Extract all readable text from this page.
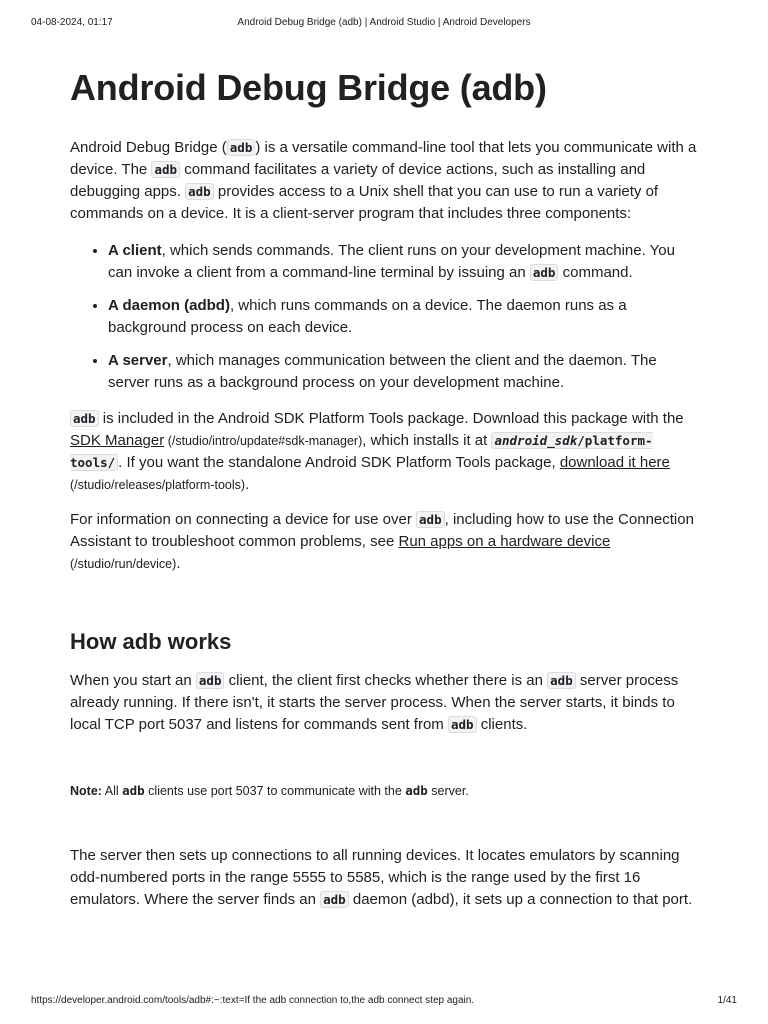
04-08-2024, 01:17	Android Debug Bridge (adb) | Android Studio | Android Developers
Android Debug Bridge (adb)

Android Debug Bridge ( adb ) is a versatile command-line tool that lets you communicate with a device. The adb command facilitates a variety of device actions, such as installing and debugging apps. adb provides access to a Unix shell that you can use to run a variety of commands on a device. It is a client-server program that includes three components:

• A client, which sends commands. The client runs on your development machine. You can invoke a client from a command-line terminal by issuing an adb command.
• A daemon (adbd), which runs commands on a device. The daemon runs as a background process on each device.
• A server, which manages communication between the client and the daemon. The server runs as a background process on your development machine.

adb is included in the Android SDK Platform Tools package. Download this package with the SDK Manager (/studio/intro/update#sdk-manager), which installs it at android_sdk/platform-tools/ . If you want the standalone Android SDK Platform Tools package, download it here (/studio/releases/platform-tools).

For information on connecting a device for use over adb , including how to use the Connection Assistant to troubleshoot common problems, see Run apps on a hardware device (/studio/run/device).

How adb works

When you start an adb client, the client first checks whether there is an adb server process already running. If there isn't, it starts the server process. When the server starts, it binds to local TCP port 5037 and listens for commands sent from adb clients.

Note: All adb clients use port 5037 to communicate with the adb server.

The server then sets up connections to all running devices. It locates emulators by scanning odd-numbered ports in the range 5555 to 5585, which is the range used by the first 16 emulators. Where the server finds an adb daemon (adbd), it sets up a connection to that port.

https://developer.android.com/tools/adb#:~:text=If the adb connection to,the adb connect step again.	1/41
